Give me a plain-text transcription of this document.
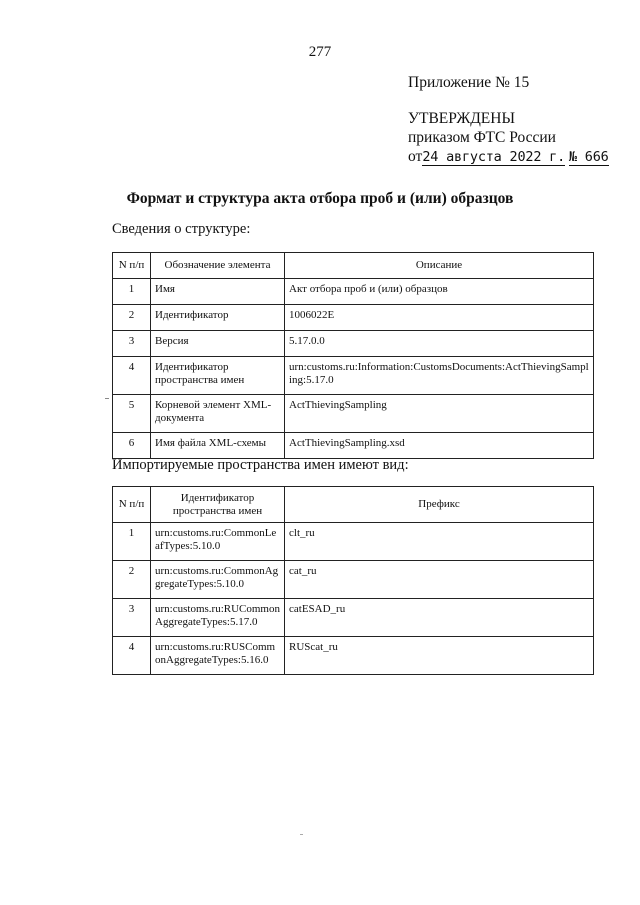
277
Приложение № 15
УТВЕРЖДЕНЫ
приказом ФТС России
от24 августа 2022 г. № 666
Формат и структура акта отбора проб и (или) образцов
Сведения о структуре:
N п/п	Обозначение элемента	Описание
1	Имя	Акт отбора проб и (или) образцов
2	Идентификатор	1006022E
3	Версия	5.17.0.0
4	Идентификатор пространства имен	urn:customs.ru:Information:CustomsDocuments:ActThievingSampling:5.17.0
5	Корневой элемент XML-документа	ActThievingSampling
6	Имя файла XML-схемы	ActThievingSampling.xsd
Импортируемые пространства имен имеют вид:
N п/п	Идентификатор пространства имен	Префикс
1	urn:customs.ru:CommonLeafTypes:5.10.0	clt_ru
2	urn:customs.ru:CommonAggregateTypes:5.10.0	cat_ru
3	urn:customs.ru:RUCommonAggregateTypes:5.17.0	catESAD_ru
4	urn:customs.ru:RUSCommonAggregateTypes:5.16.0	RUScat_ru
